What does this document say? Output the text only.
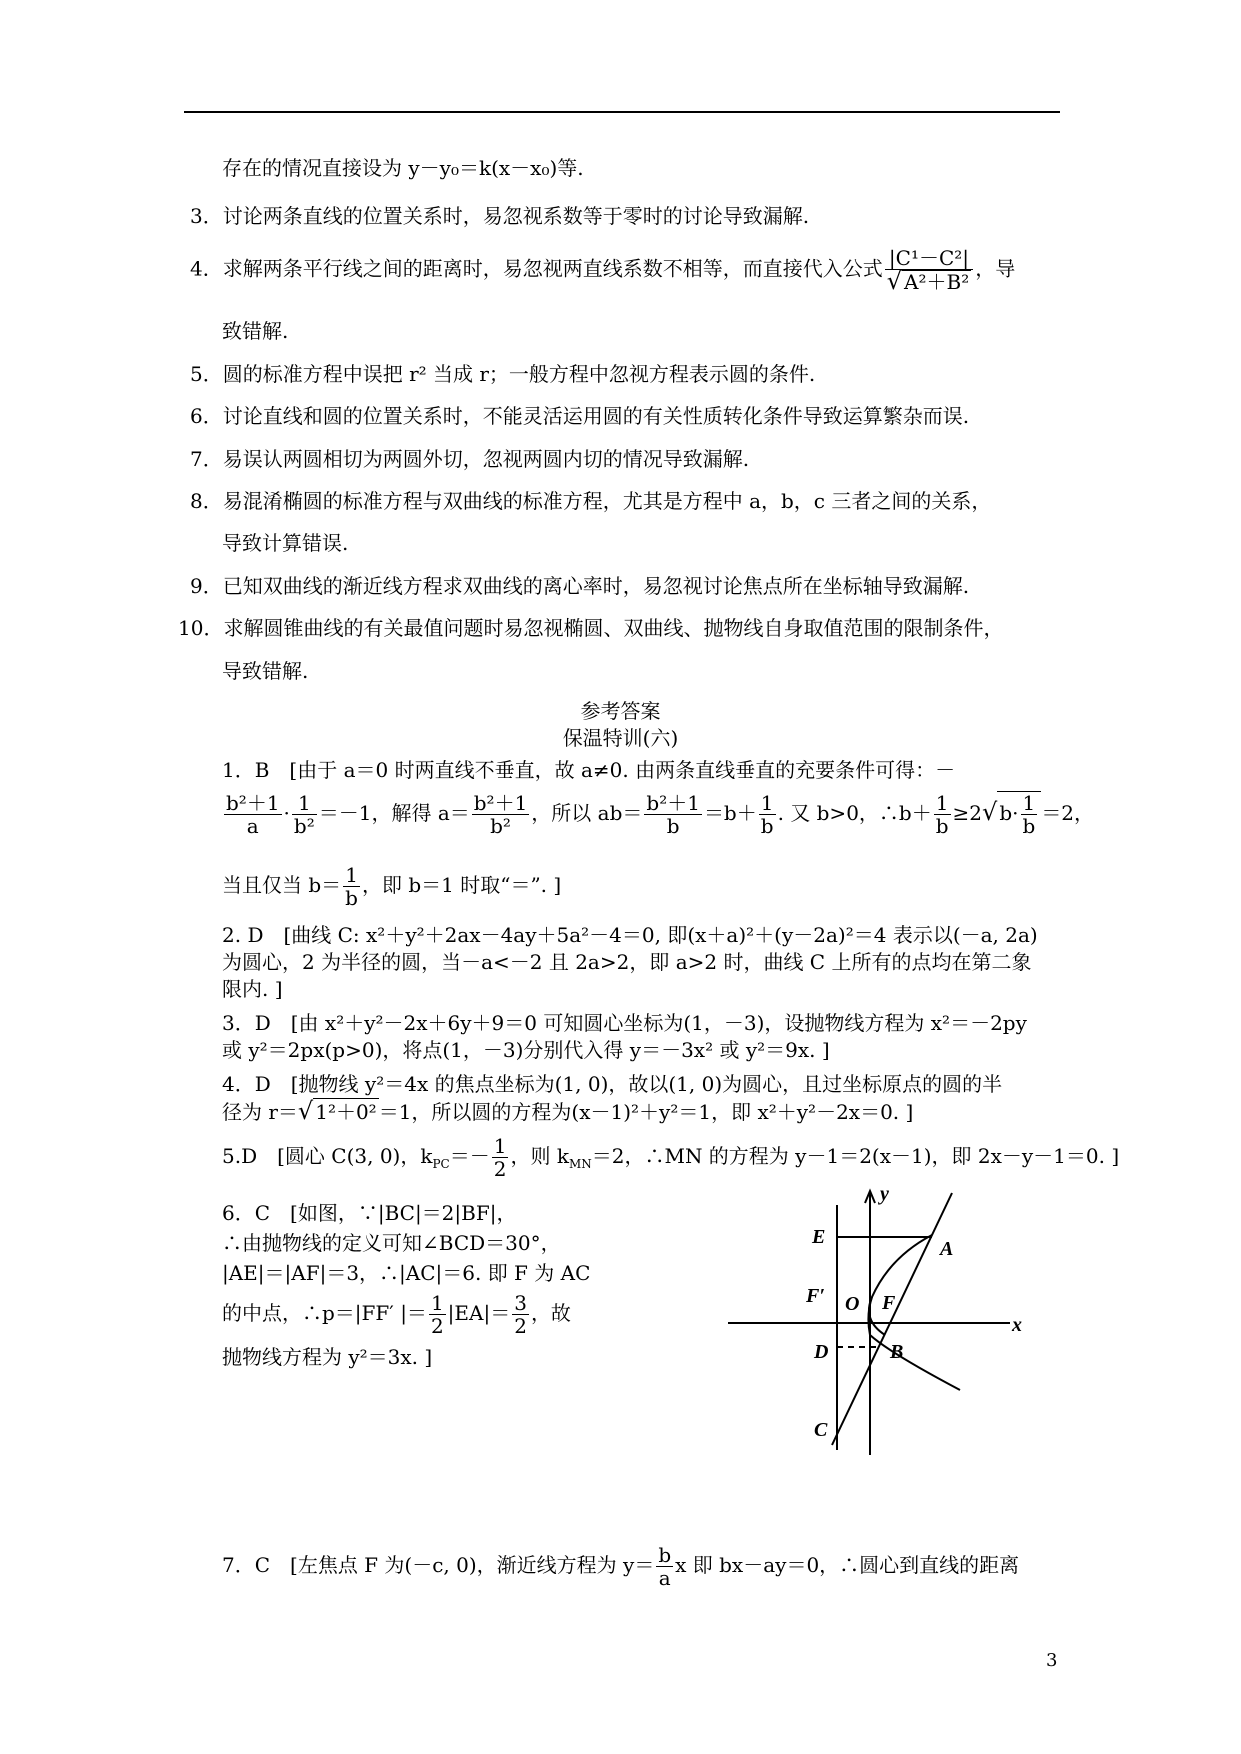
存在的情况直接设为 y－y₀＝k(x－x₀)等.
3．讨论两条直线的位置关系时，易忽视系数等于零时的讨论导致漏解.
4．求解两条平行线之间的距离时，易忽视两直线系数不相等，而直接代入公式 $\frac{\text{|C¹－C²|}}{\text{√ A²＋B²}}$ ，导
致错解.
5．圆的标准方程中误把 r² 当成 r；一般方程中忽视方程表示圆的条件.
6．讨论直线和圆的位置关系时，不能灵活运用圆的有关性质转化条件导致运算繁杂而误.
7．易误认两圆相切为两圆外切，忽视两圆内切的情况导致漏解.
8．易混淆椭圆的标准方程与双曲线的标准方程，尤其是方程中 a，b，c 三者之间的关系，
导致计算错误.
9．已知双曲线的渐近线方程求双曲线的离心率时，易忽视讨论焦点所在坐标轴导致漏解.
10．求解圆锥曲线的有关最值问题时易忽视椭圆、双曲线、抛物线自身取值范围的限制条件，
导致错解.
参考答案
保温特训(六)
1．B　[由于 a＝0 时两直线不垂直，故 a≠0. 由两条直线垂直的充要条件可得：－
$\frac{\text{b²＋1}}{a} \cdot \frac{1}{\text{b²}} =-1$，解得 $a= \frac{\text{b²＋1}}{\text{b²}}$ ，所以 $ab= \frac{\text{b²＋1}}{b} =b+ \frac{1}{b}$ . 又 b>0，∴b＋ $\frac{1}{b} \ge 2√$ $b\cdot \frac{1}{b} =2$，
当且仅当 $b= \frac{1}{b}$ ，即 b＝1 时取“＝”. ]
2. D　[曲线 C: x²＋y²＋2ax－4ay＋5a²－4＝0, 即(x＋a)²＋(y－2a)²＝4 表示以(－a, 2a)
为圆心，2 为半径的圆，当－a<－2 且 2a>2，即 a>2 时，曲线 C 上所有的点均在第二象
限内. ]
3．D　[由 x²＋y²－2x＋6y＋9＝0 可知圆心坐标为(1，－3)，设抛物线方程为 x²＝－2py
或 y²＝2px(p>0)，将点(1，－3)分别代入得 y＝－3x² 或 y²＝9x. ]
4．D　[抛物线 y²＝4x 的焦点坐标为(1, 0)，故以(1, 0)为圆心，且过坐标原点的圆的半
径为 r＝√ 1²＋0² ＝1，所以圆的方程为(x－1)²＋y²＝1，即 x²＋y²－2x＝0. ]
5.D　[圆心 C(3, 0)，$k_{PC}=- \frac{1}{2}$ ，则 $k_{MN}=2$，∴MN 的方程为 y－1＝2(x－1)，即 2x－y－1＝0. ]
6．C　[如图，∵|BC|＝2|BF|，
∴由抛物线的定义可知∠BCD＝30°，
|AE|＝|AF|＝3，∴|AC|＝6. 即 F 为 AC
的中点，∴p＝|FF′ |＝ $\frac{1}{2} |EA|= \frac{3}{2}$ ，故
抛物线方程为 y²＝3x. ]
y
x
E
A
F′ O F
D	B
C
7．C　[左焦点 F 为(－c, 0)，渐近线方程为 $y= \frac{b}{a}$ x 即 bx－ay＝0，∴圆心到直线的距离
3
